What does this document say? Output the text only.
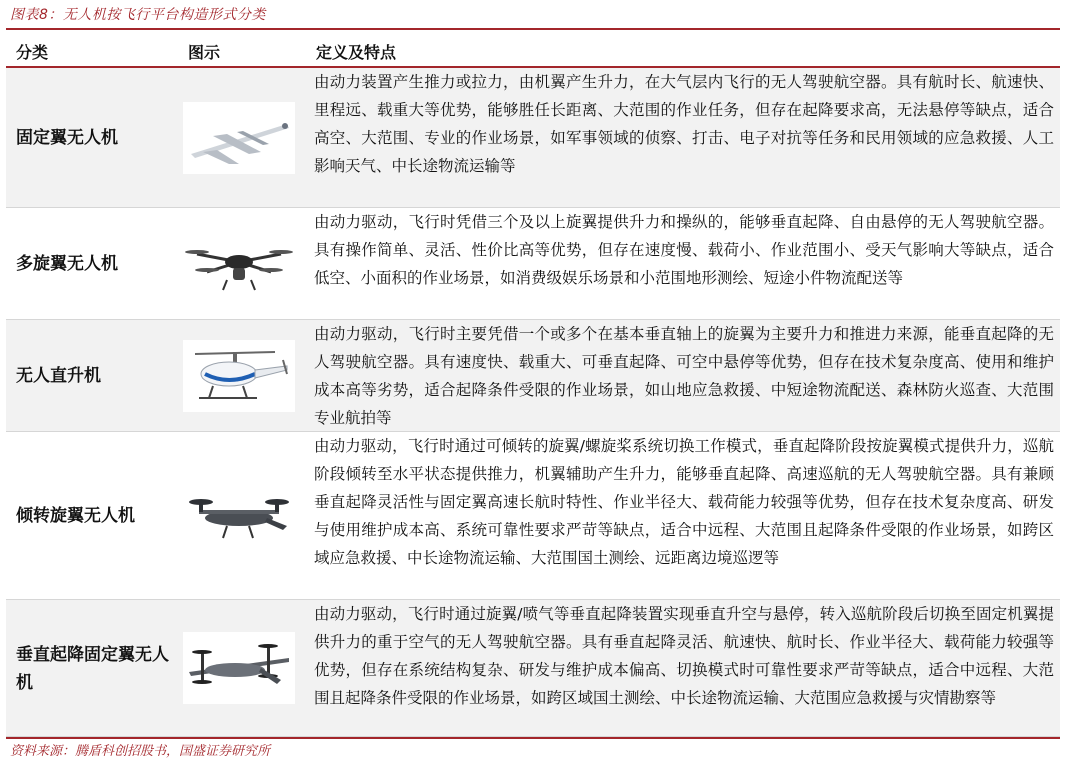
图表8：无人机按飞行平台构造形式分类
分类	图示	定义及特点
固定翼无人机
由动力装置产生推力或拉力，由机翼产生升力，在大气层内飞行的无人驾驶航空器。具有航时长、航速快、里程远、载重大等优势，能够胜任长距离、大范围的作业任务，但存在起降要求高，无法悬停等缺点，适合高空、大范围、专业的作业场景，如军事领域的侦察、打击、电子对抗等任务和民用领域的应急救援、人工影响天气、中长途物流运输等
多旋翼无人机
由动力驱动，飞行时凭借三个及以上旋翼提供升力和操纵的，能够垂直起降、自由悬停的无人驾驶航空器。具有操作简单、灵活、性价比高等优势，但存在速度慢、载荷小、作业范围小、受天气影响大等缺点，适合低空、小面积的作业场景，如消费级娱乐场景和小范围地形测绘、短途小件物流配送等
无人直升机
由动力驱动，飞行时主要凭借一个或多个在基本垂直轴上的旋翼为主要升力和推进力来源，能垂直起降的无人驾驶航空器。具有速度快、载重大、可垂直起降、可空中悬停等优势，但存在技术复杂度高、使用和维护成本高等劣势，适合起降条件受限的作业场景，如山地应急救援、中短途物流配送、森林防火巡查、大范围专业航拍等
倾转旋翼无人机
由动力驱动，飞行时通过可倾转的旋翼/螺旋桨系统切换工作模式，垂直起降阶段按旋翼模式提供升力，巡航阶段倾转至水平状态提供推力，机翼辅助产生升力，能够垂直起降、高速巡航的无人驾驶航空器。具有兼顾垂直起降灵活性与固定翼高速长航时特性、作业半径大、载荷能力较强等优势，但存在技术复杂度高、研发与使用维护成本高、系统可靠性要求严苛等缺点，适合中远程、大范围且起降条件受限的作业场景，如跨区域应急救援、中长途物流运输、大范围国土测绘、远距离边境巡逻等
垂直起降固定翼无人机
由动力驱动，飞行时通过旋翼/喷气等垂直起降装置实现垂直升空与悬停，转入巡航阶段后切换至固定机翼提供升力的重于空气的无人驾驶航空器。具有垂直起降灵活、航速快、航时长、作业半径大、载荷能力较强等优势，但存在系统结构复杂、研发与维护成本偏高、切换模式时可靠性要求严苛等缺点，适合中远程、大范围且起降条件受限的作业场景，如跨区域国土测绘、中长途物流运输、大范围应急救援与灾情勘察等
资料来源：腾盾科创招股书，国盛证券研究所
